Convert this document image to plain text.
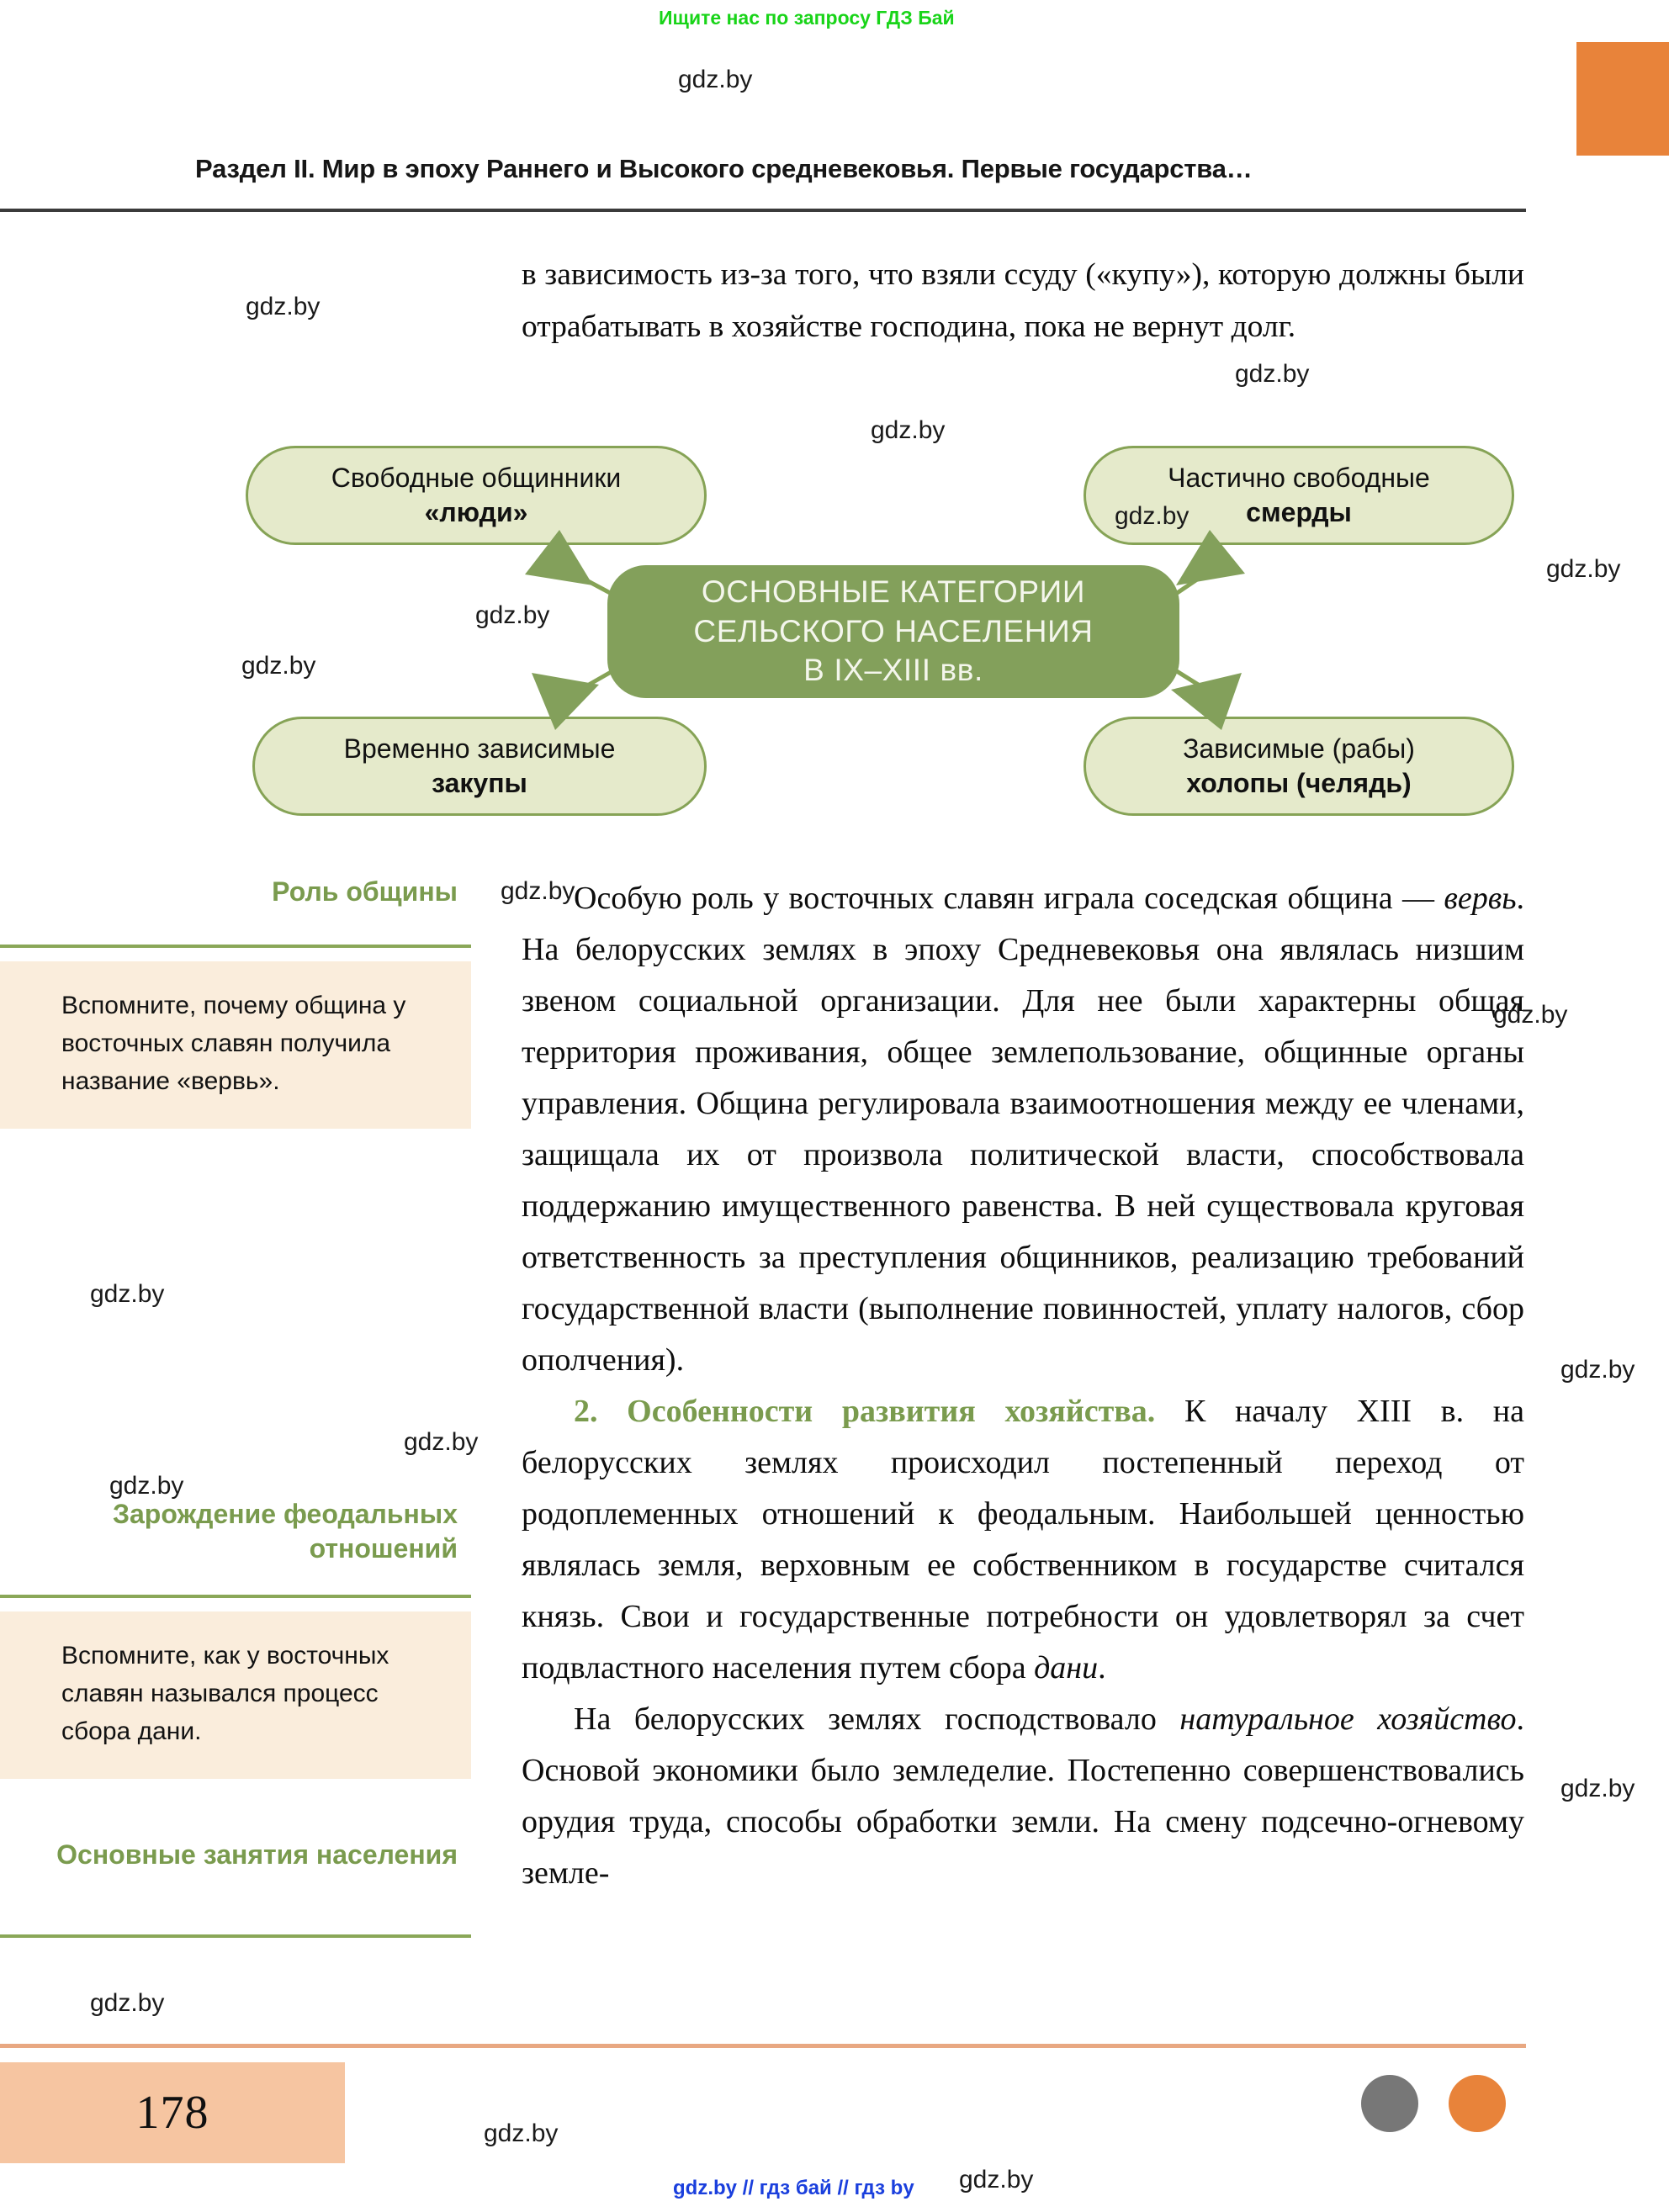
Ищите нас по запросу ГДЗ Бай
Раздел II. Мир в эпоху Раннего и Высокого средневековья. Первые государства…
в зависимость из-за того, что взяли ссуду («купу»), которую должны были отрабатывать в хозяйстве господина, пока не вернут долг.
Свободные общинники
«люди»
Частично свободные
смерды
Временно зависимые
закупы
Зависимые (рабы)
холопы (челядь)
ОСНОВНЫЕ КАТЕГОРИИ
СЕЛЬСКОГО НАСЕЛЕНИЯ
В IX–XIII вв.
Роль общины
Вспомните, почему община у восточных славян получила название «вервь».
Зарождение феодальных отношений
Вспомните, как у восточных славян назывался процесс сбора дани.
Основные занятия населения

Особую роль у восточных славян играла соседская община — вервь. На белорусских землях в эпоху Средневековья она являлась низшим звеном социальной организации. Для нее были характерны общая территория проживания, общее землепользование, общинные органы управления. Община регулировала взаимоотношения между ее членами, защищала их от произвола политической власти, способствовала поддержанию имущественного равенства. В ней существовала круговая ответственность за преступления общинников, реализацию требований государственной власти (выполнение повинностей, уплату налогов, сбор ополчения).

2. Особенности развития хозяйства. К началу XIII в. на белорусских землях происходил постепенный переход от родоплеменных отношений к феодальным. Наибольшей ценностью являлась земля, верховным ее собственником в государстве считался князь. Свои и государственные потребности он удовлетворял за счет подвластного населения путем сбора дани.

На белорусских землях господствовало натуральное хозяйство. Основой экономики было земледелие. Постепенно совершенствовались орудия труда, способы обработки земли. На смену подсечно-огневому земле-

178
gdz.by // гдз бай // гдз by
gdz.by
gdz.by
gdz.by
gdz.by
gdz.by
gdz.by
gdz.by
gdz.by
gdz.by
gdz.by
gdz.by
gdz.by
gdz.by
gdz.by
gdz.by
gdz.by
gdz.by
gdz.by
